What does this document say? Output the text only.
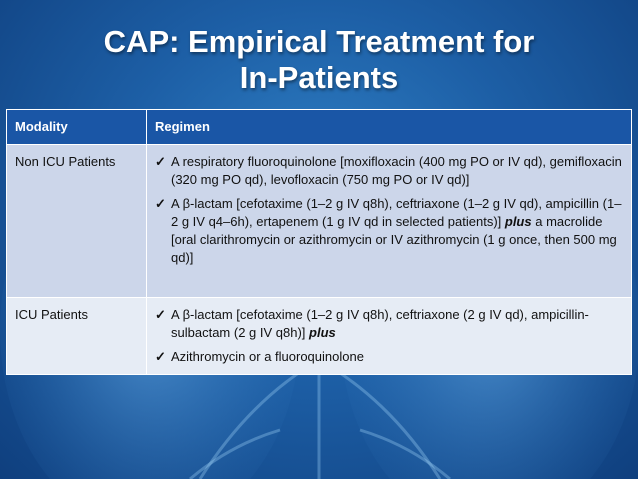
CAP: Empirical Treatment for
In-Patients
Modality	Regimen
Non ICU Patients	✓ A respiratory fluoroquinolone [moxifloxacin (400 mg PO or IV qd), gemifloxacin (320 mg PO qd), levofloxacin (750 mg PO or IV qd)]
✓ A β-lactam [cefotaxime (1–2 g IV q8h), ceftriaxone (1–2 g IV qd), ampicillin (1–2 g IV q4–6h), ertapenem (1 g IV qd in selected patients)] plus a macrolide [oral clarithromycin or azithromycin or IV azithromycin (1 g once, then 500 mg qd)]

ICU Patients	✓ A β-lactam [cefotaxime (1–2 g IV q8h), ceftriaxone (2 g IV qd), ampicillin-sulbactam (2 g IV q8h)] plus
✓ Azithromycin or a fluoroquinolone
